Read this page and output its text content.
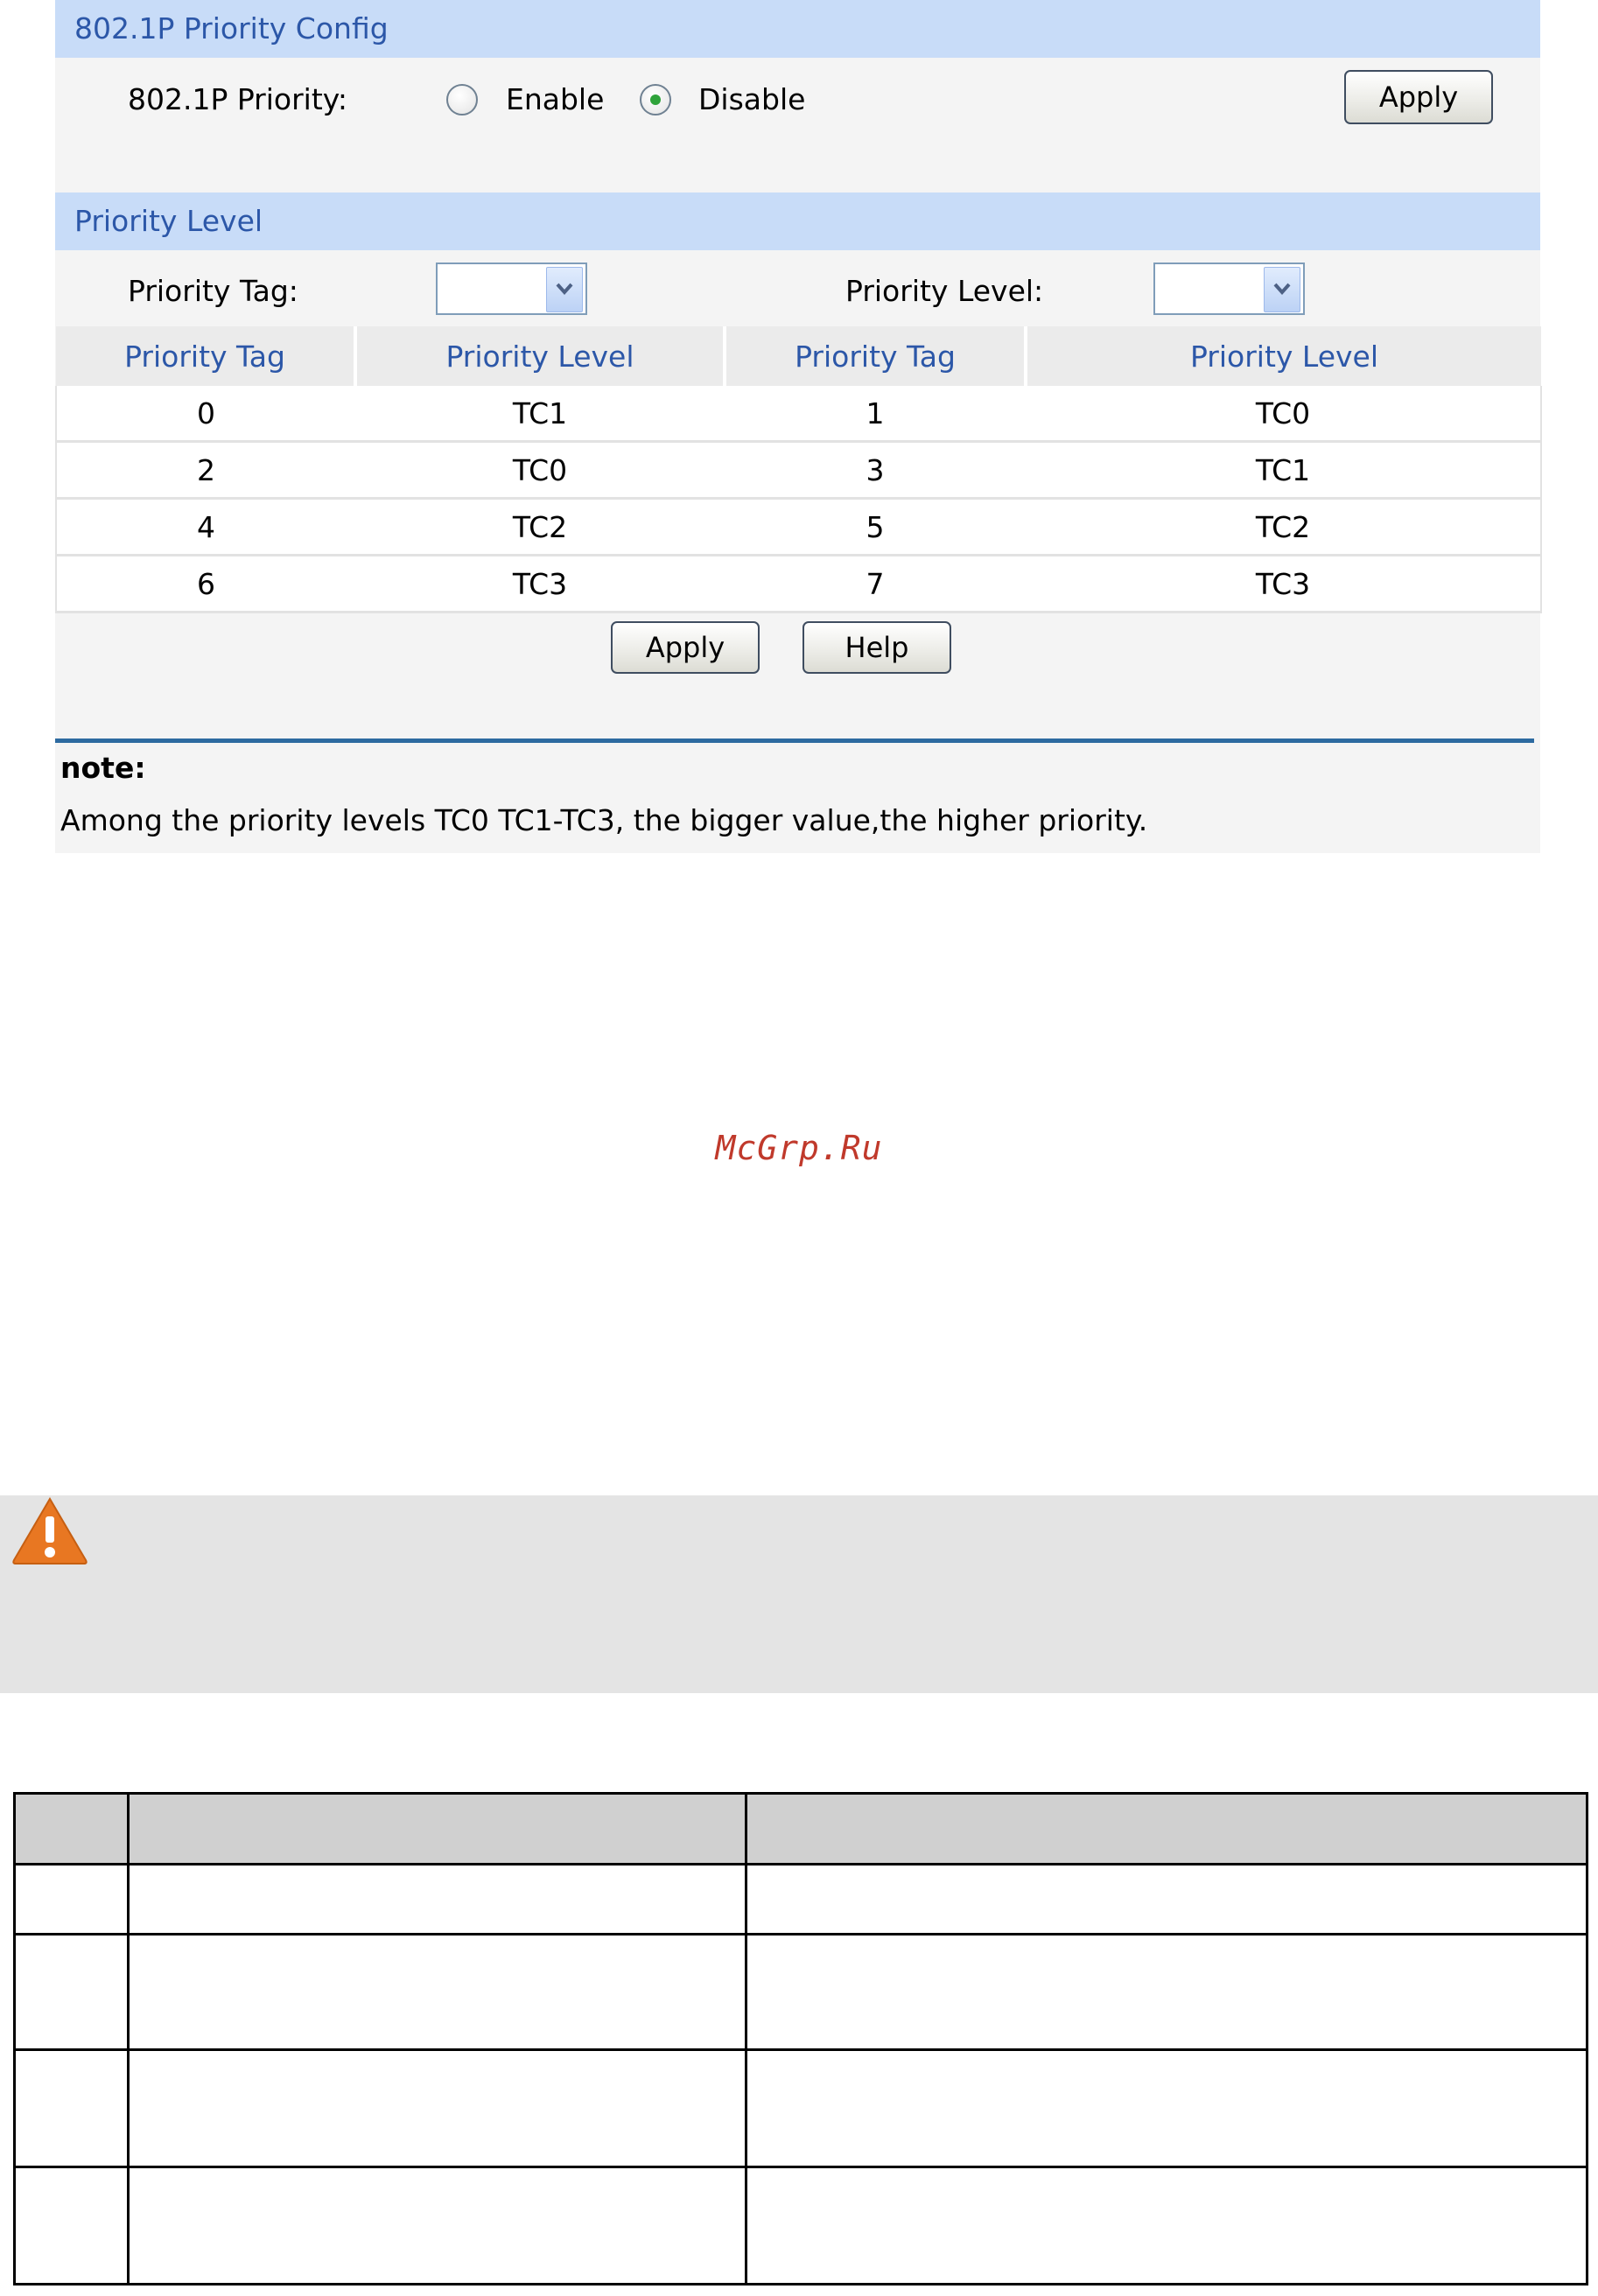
802.1P Priority Config
802.1P Priority:	Enable	Disable	Apply
Priority Level
Priority Tag:	Priority Level:
Priority Tag	Priority Level	Priority Tag	Priority Level
0	TC1	1	TC0
2	TC0	3	TC1
4	TC2	5	TC2
6	TC3	7	TC3
Apply	Help
note:
Among the priority levels TC0 TC1-TC3, the bigger value,the higher priority.
McGrp.Ru
